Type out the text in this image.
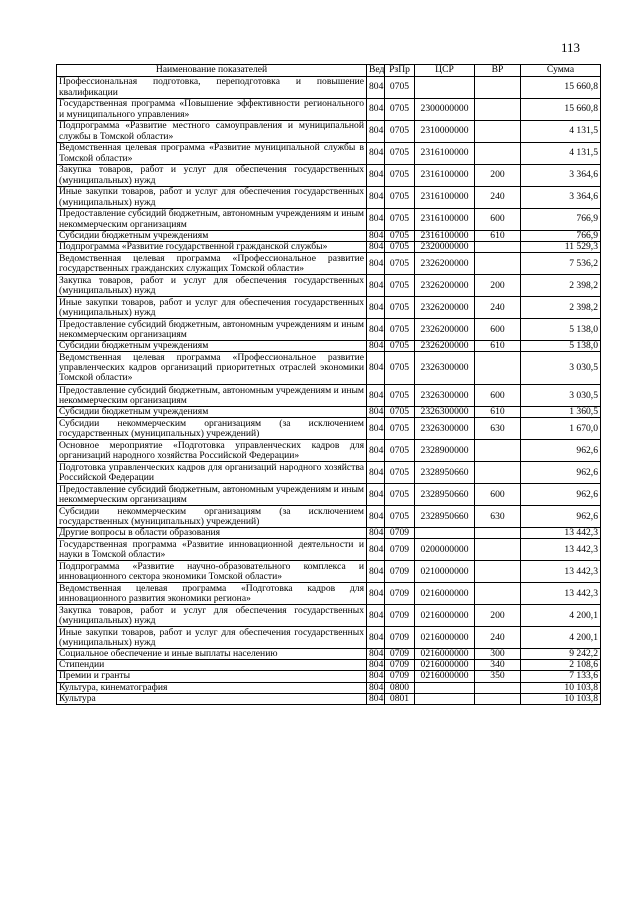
113
Наименование показателей	Вед	РзПр	ЦСР	ВР	Сумма
Профессиональная подготовка, переподготовка и повышение квалификации	804	0705			15 660,8
Государственная программа «Повышение эффективности регионального и муниципального управления»	804	0705	2300000000		15 660,8
Подпрограмма «Развитие местного самоуправления и муниципальной службы в Томской области»	804	0705	2310000000		4 131,5
Ведомственная целевая программа «Развитие муниципальной службы в Томской области»	804	0705	2316100000		4 131,5
Закупка товаров, работ и услуг для обеспечения государственных (муниципальных) нужд	804	0705	2316100000	200	3 364,6
Иные закупки товаров, работ и услуг для обеспечения государственных (муниципальных) нужд	804	0705	2316100000	240	3 364,6
Предоставление субсидий бюджетным, автономным учреждениям и иным некоммерческим организациям	804	0705	2316100000	600	766,9
Субсидии бюджетным учреждениям	804	0705	2316100000	610	766,9
Подпрограмма «Развитие государственной гражданской службы»	804	0705	2320000000		11 529,3
Ведомственная целевая программа «Профессиональное развитие государственных гражданских служащих Томской области»	804	0705	2326200000		7 536,2
Закупка товаров, работ и услуг для обеспечения государственных (муниципальных) нужд	804	0705	2326200000	200	2 398,2
Иные закупки товаров, работ и услуг для обеспечения государственных (муниципальных) нужд	804	0705	2326200000	240	2 398,2
Предоставление субсидий бюджетным, автономным учреждениям и иным некоммерческим организациям	804	0705	2326200000	600	5 138,0
Субсидии бюджетным учреждениям	804	0705	2326200000	610	5 138,0
Ведомственная целевая программа «Профессиональное развитие управленческих кадров организаций приоритетных отраслей экономики Томской области»	804	0705	2326300000		3 030,5
Предоставление субсидий бюджетным, автономным учреждениям и иным некоммерческим организациям	804	0705	2326300000	600	3 030,5
Субсидии бюджетным учреждениям	804	0705	2326300000	610	1 360,5
Субсидии некоммерческим организациям (за исключением государственных (муниципальных) учреждений)	804	0705	2326300000	630	1 670,0
Основное мероприятие «Подготовка управленческих кадров для организаций народного хозяйства Российской Федерации»	804	0705	2328900000		962,6
Подготовка управленческих кадров для организаций народного хозяйства Российской Федерации	804	0705	2328950660		962,6
Предоставление субсидий бюджетным, автономным учреждениям и иным некоммерческим организациям	804	0705	2328950660	600	962,6
Субсидии некоммерческим организациям (за исключением государственных (муниципальных) учреждений)	804	0705	2328950660	630	962,6
Другие вопросы в области образования	804	0709			13 442,3
Государственная программа «Развитие инновационной деятельности и науки в Томской области»	804	0709	0200000000		13 442,3
Подпрограмма «Развитие научно-образовательного комплекса и инновационного сектора экономики Томской области»	804	0709	0210000000		13 442,3
Ведомственная целевая программа «Подготовка кадров для инновационного развития экономики региона»	804	0709	0216000000		13 442,3
Закупка товаров, работ и услуг для обеспечения государственных (муниципальных) нужд	804	0709	0216000000	200	4 200,1
Иные закупки товаров, работ и услуг для обеспечения государственных (муниципальных) нужд	804	0709	0216000000	240	4 200,1
Социальное обеспечение и иные выплаты населению	804	0709	0216000000	300	9 242,2
Стипендии	804	0709	0216000000	340	2 108,6
Премии и гранты	804	0709	0216000000	350	7 133,6
Культура, кинематография	804	0800			10 103,8
Культура	804	0801			10 103,8
